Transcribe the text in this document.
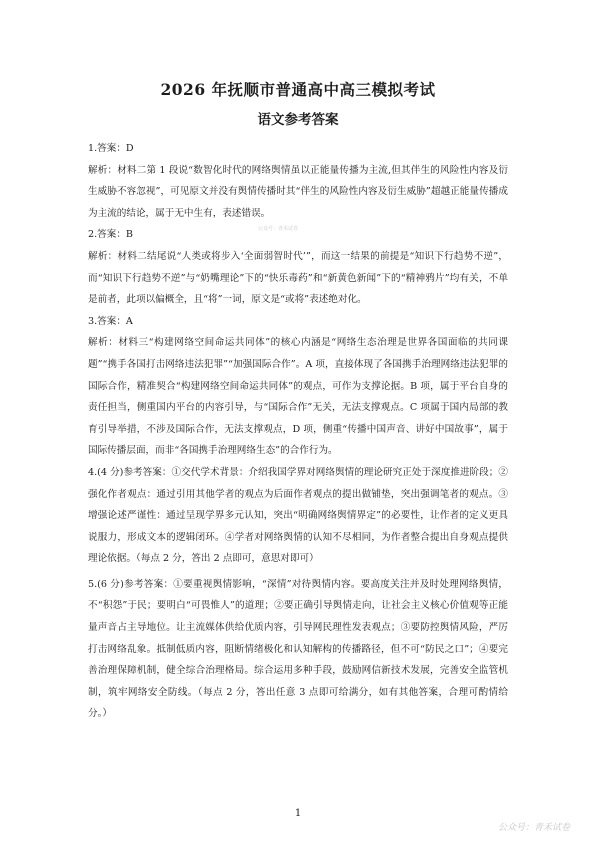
2026 年抚顺市普通高中高三模拟考试
语文参考答案

1.答案：D

解析：材料二第 1 段说“数智化时代的网络舆情虽以正能量传播为主流,但其伴生的风险性内容及衍生威胁不容忽视”，可见原文并没有舆情传播时其“伴生的风险性内容及衍生威胁”超越正能量传播成为主流的结论，属于无中生有，表述错误。

2.答案：B

解析：材料二结尾说“人类或将步入‘全面弱智时代’”，而这一结果的前提是“知识下行趋势不逆”，而“知识下行趋势不逆”与“奶嘴理论”下的“快乐毒药”和“新黄色新闻”下的“精神鸦片”均有关，不单是前者，此项以偏概全，且“将”一词，原文是“或将”表述绝对化。

3.答案：A

解析：材料三“构建网络空间命运共同体”的核心内涵是“网络生态治理是世界各国面临的共同课题”“携手各国打击网络违法犯罪”“加强国际合作”。A 项，直接体现了各国携手治理网络违法犯罪的国际合作，精准契合“构建网络空间命运共同体”的观点，可作为支撑论据。B 项，属于平台自身的责任担当，侧重国内平台的内容引导，与“国际合作”无关，无法支撑观点。C 项属于国内局部的教育引导举措，不涉及国际合作，无法支撑观点，D 项，侧重“传播中国声音、讲好中国故事”，属于国际传播层面，而非“各国携手治理网络生态”的合作行为。

4.(4 分)参考答案：①交代学术背景：介绍我国学界对网络舆情的理论研究正处于深度推进阶段；②强化作者观点：通过引用其他学者的观点为后面作者观点的提出做铺垫，突出强调笔者的观点。③增强论述严谨性：通过呈现学界多元认知，突出“明确网络舆情界定”的必要性，让作者的定义更具说服力，形成文本的逻辑闭环。④学者对网络舆情的认知不尽相同，为作者整合提出自身观点提供理论依据。（每点 2 分，答出 2 点即可，意思对即可）

5.(6 分)参考答案：①要重视舆情影响，“深情”对待舆情内容。要高度关注并及时处理网络舆情，不“积怨”于民；要明白“可畏惟人”的道理；②要正确引导舆情走向，让社会主义核心价值观等正能量声音占主导地位。让主流媒体供给优质内容，引导网民理性发表观点；③要防控舆情风险，严厉打击网络乱象。抵制低质内容，阻断情绪极化和认知解构的传播路径，但不可“防民之口”；④要完善治理保障机制，健全综合治理格局。综合运用多种手段，鼓励网信新技术发展，完善安全监管机制，筑牢网络安全防线。（每点 2 分，答出任意 3 点即可给满分，如有其他答案，合理可酌情给分。）

公众号：青禾试卷
1
公众号：青禾试卷
